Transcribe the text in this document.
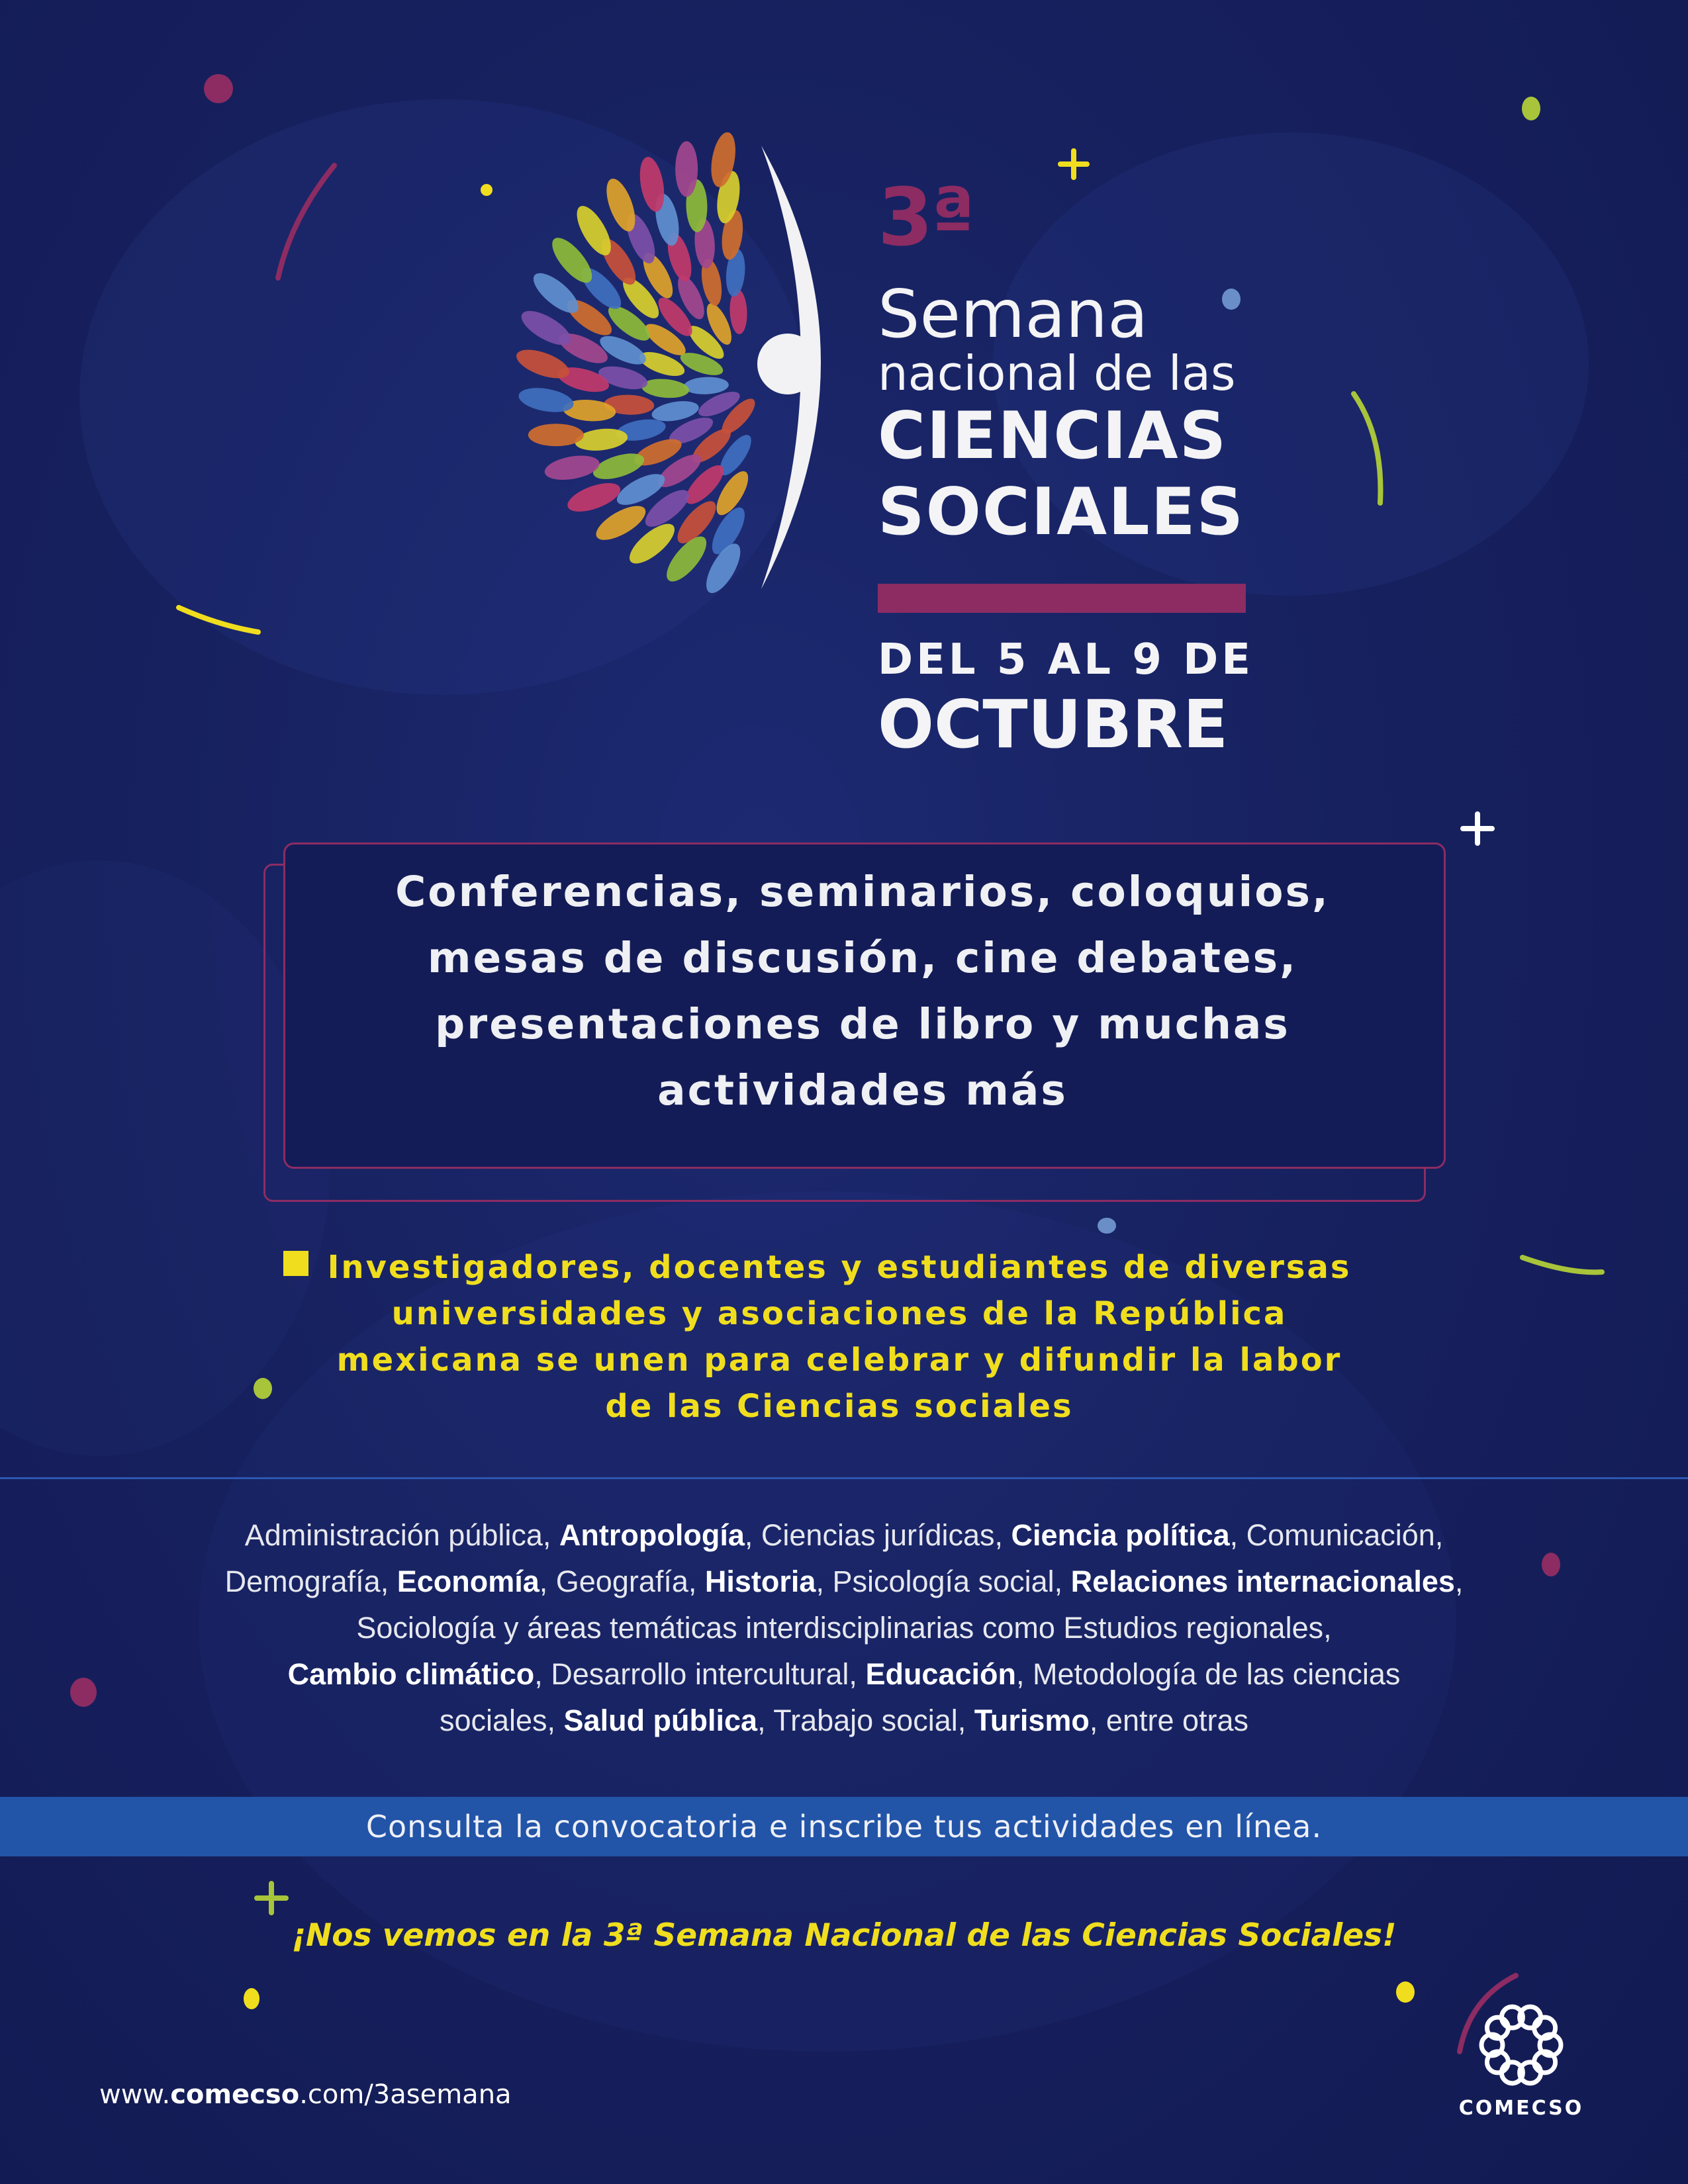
3ª
Semana
nacional de las
CIENCIAS
SOCIALES
DEL 5 AL 9 DE
OCTUBRE
Conferencias, seminarios, coloquios,
mesas de discusión, cine debates,
presentaciones de libro y muchas
actividades más
Investigadores, docentes y estudiantes de diversas
universidades y asociaciones de la República
mexicana se unen para celebrar y difundir la labor
de las Ciencias sociales
Administración pública, Antropología, Ciencias jurídicas, Ciencia política, Comunicación,
Demografía, Economía, Geografía, Historia, Psicología social, Relaciones internacionales,
Sociología y áreas temáticas interdisciplinarias como Estudios regionales,
Cambio climático, Desarrollo intercultural, Educación, Metodología de las ciencias
sociales, Salud pública, Trabajo social, Turismo, entre otras
Consulta la convocatoria e inscribe tus actividades en línea.
¡Nos vemos en la 3ª Semana Nacional de las Ciencias Sociales!
www.comecso.com/3asemana	COMECSO
